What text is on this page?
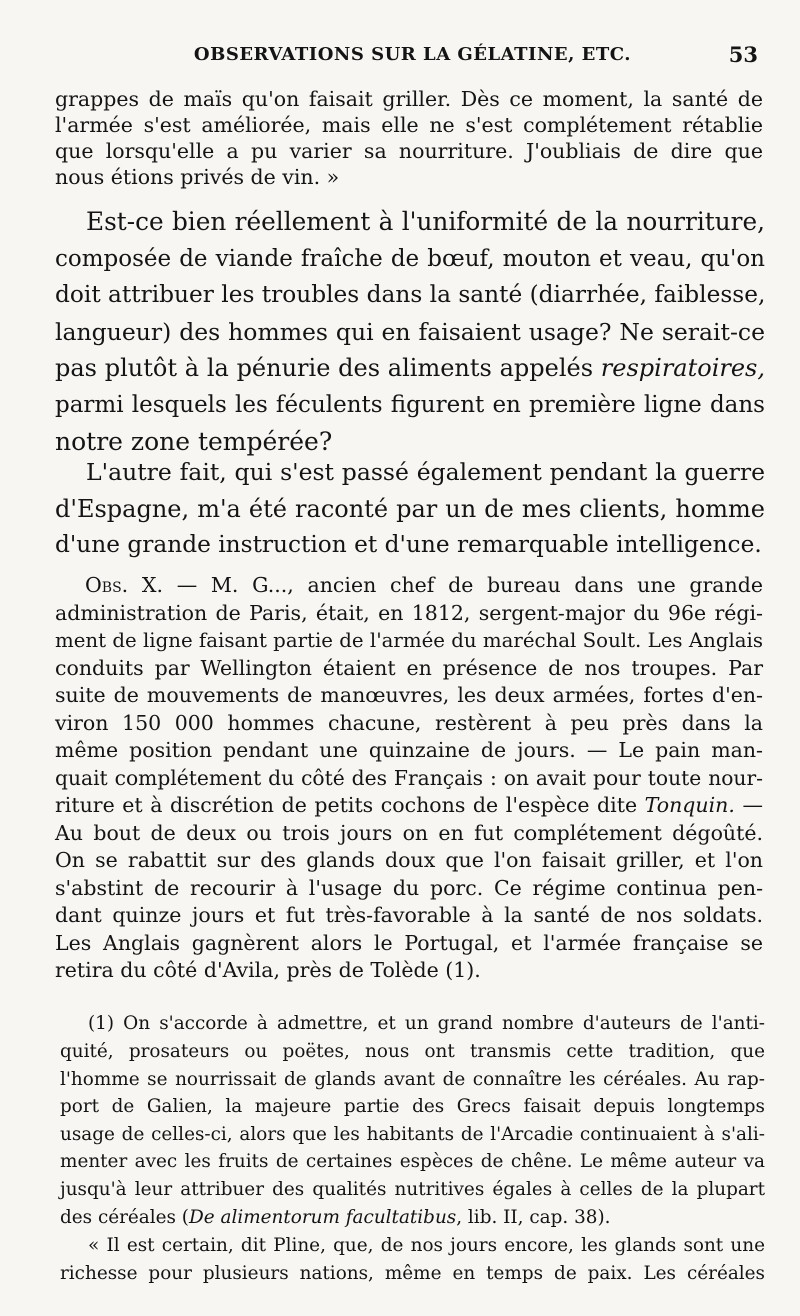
OBSERVATIONS SUR LA GÉLATINE, ETC.	53

grappes de maïs qu'on faisait griller. Dès ce moment, la santé de
l'armée s'est améliorée, mais elle ne s'est complétement rétablie
que lorsqu'elle a pu varier sa nourriture. J'oubliais de dire que
nous étions privés de vin. »

Est-ce bien réellement à l'uniformité de la nourriture,
composée de viande fraîche de bœuf, mouton et veau, qu'on
doit attribuer les troubles dans la santé (diarrhée, faiblesse,
langueur) des hommes qui en faisaient usage? Ne serait-ce
pas plutôt à la pénurie des aliments appelés respiratoires,
parmi lesquels les féculents figurent en première ligne dans
notre zone tempérée?

L'autre fait, qui s'est passé également pendant la guerre
d'Espagne, m'a été raconté par un de mes clients, homme
d'une grande instruction et d'une remarquable intelligence.

Obs. X. — M. G..., ancien chef de bureau dans une grande
administration de Paris, était, en 1812, sergent-major du 96e régi-
ment de ligne faisant partie de l'armée du maréchal Soult. Les Anglais
conduits par Wellington étaient en présence de nos troupes. Par
suite de mouvements de manœuvres, les deux armées, fortes d'en-
viron 150 000 hommes chacune, restèrent à peu près dans la
même position pendant une quinzaine de jours. — Le pain man-
quait complétement du côté des Français : on avait pour toute nour-
riture et à discrétion de petits cochons de l'espèce dite Tonquin. —
Au bout de deux ou trois jours on en fut complétement dégoûté.
On se rabattit sur des glands doux que l'on faisait griller, et l'on
s'abstint de recourir à l'usage du porc. Ce régime continua pen-
dant quinze jours et fut très-favorable à la santé de nos soldats.
Les Anglais gagnèrent alors le Portugal, et l'armée française se
retira du côté d'Avila, près de Tolède (1).

(1) On s'accorde à admettre, et un grand nombre d'auteurs de l'anti-
quité, prosateurs ou poëtes, nous ont transmis cette tradition, que
l'homme se nourrissait de glands avant de connaître les céréales. Au rap-
port de Galien, la majeure partie des Grecs faisait depuis longtemps
usage de celles-ci, alors que les habitants de l'Arcadie continuaient à s'ali-
menter avec les fruits de certaines espèces de chêne. Le même auteur va
jusqu'à leur attribuer des qualités nutritives égales à celles de la plupart
des céréales (De alimentorum facultatibus, lib. II, cap. 38).

« Il est certain, dit Pline, que, de nos jours encore, les glands sont une
richesse pour plusieurs nations, même en temps de paix. Les céréales
